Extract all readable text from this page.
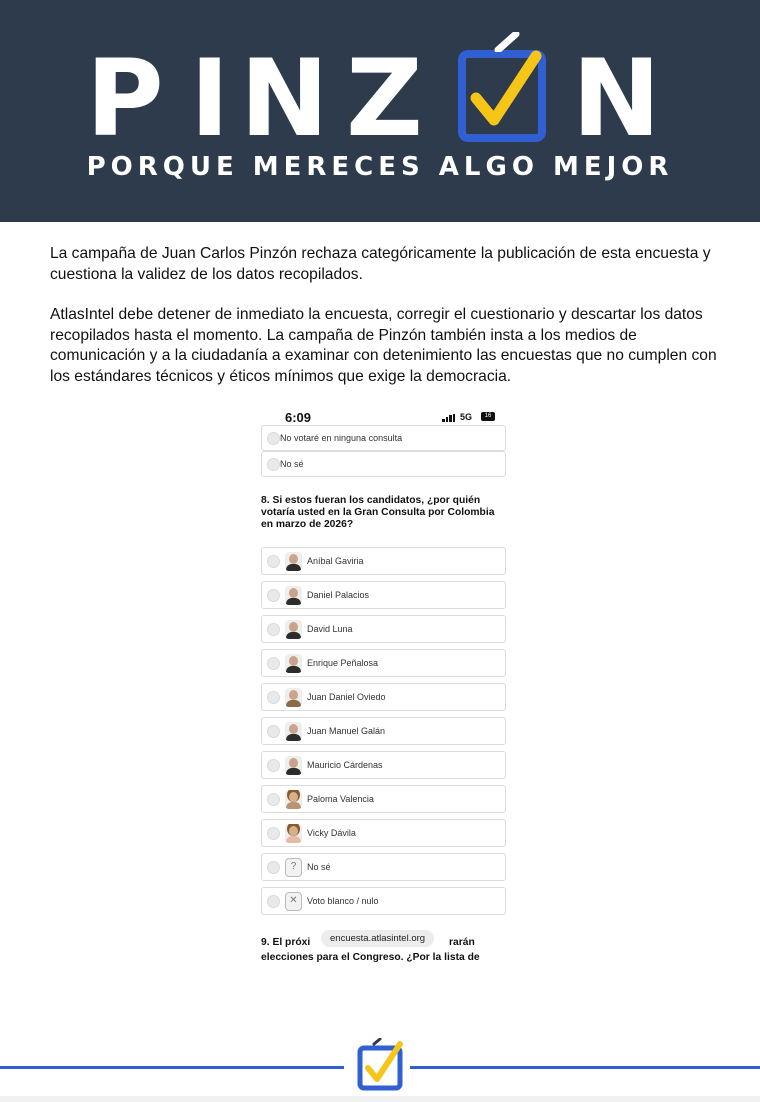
P I N Z N
PORQUE MERECES ALGO MEJOR

La campaña de Juan Carlos Pinzón rechaza categóricamente la publicación de esta encuesta y cuestiona la validez de los datos recopilados.

AtlasIntel debe detener de inmediato la encuesta, corregir el cuestionario y descartar los datos recopilados hasta el momento. La campaña de Pinzón también insta a los medios de comunicación y a la ciudadanía a examinar con detenimiento las encuestas que no cumplen con los estándares técnicos y éticos mínimos que exige la democracia.

6:09	5G	16
No votaré en ninguna consulta
No sé
8. Si estos fueran los candidatos, ¿por quién votaría usted en la Gran Consulta por Colombia en marzo de 2026?
Aníbal Gaviria
Daniel Palacios
David Luna
Enrique Peñalosa
Juan Daniel Oviedo
Juan Manuel Galán
Mauricio Cárdenas
Paloma Valencia
Vicky Dávila
?	No sé
✕	Voto blanco / nulo
9. El próxi	rarán

elecciones para el Congreso. ¿Por la lista de
encuesta.atlasintel.org
